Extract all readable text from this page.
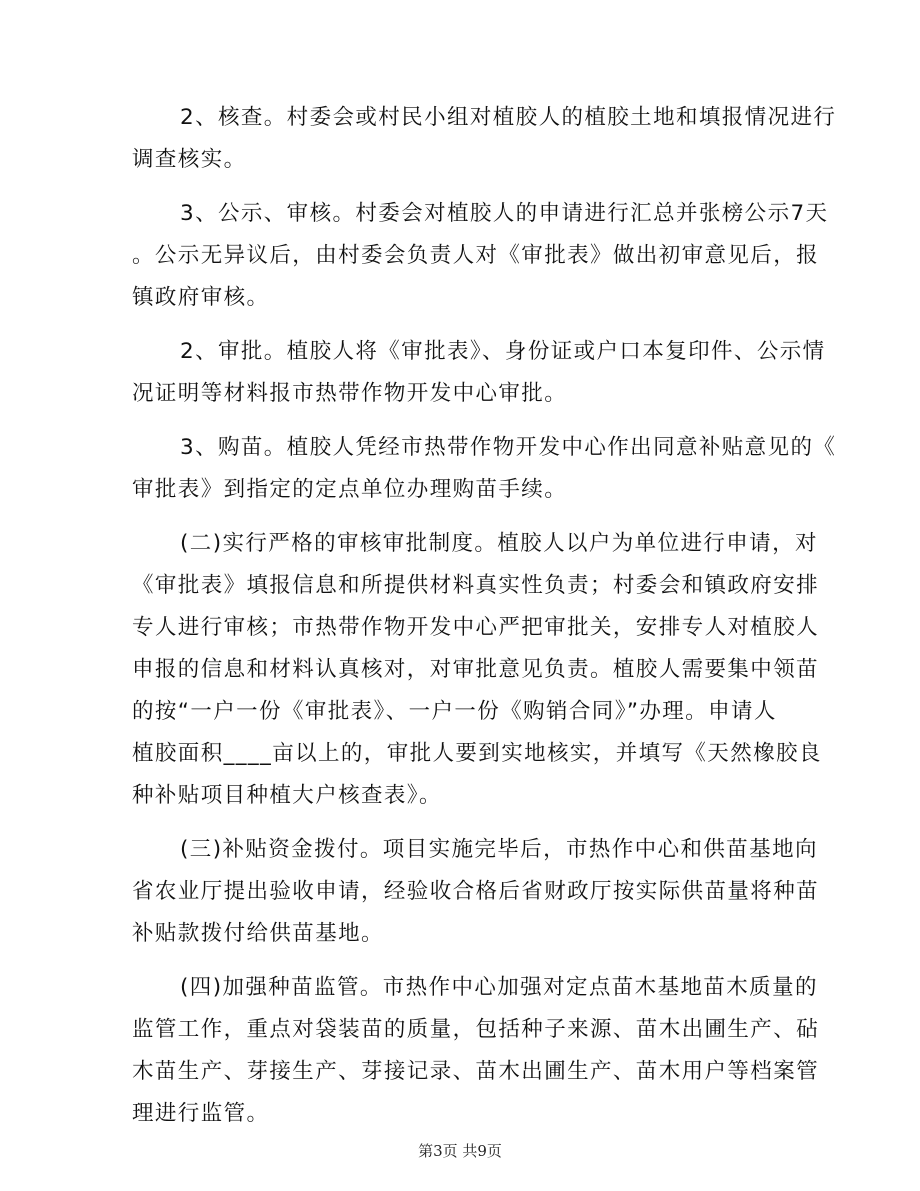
2、核查。村委会或村民小组对植胶人的植胶土地和填报情况进行
调查核实。

3、公示、审核。村委会对植胶人的申请进行汇总并张榜公示7天
。公示无异议后，由村委会负责人对《审批表》做出初审意见后，报
镇政府审核。

2、审批。植胶人将《审批表》、身份证或户口本复印件、公示情
况证明等材料报市热带作物开发中心审批。

3、购苗。植胶人凭经市热带作物开发中心作出同意补贴意见的《
审批表》到指定的定点单位办理购苗手续。

(二)实行严格的审核审批制度。植胶人以户为单位进行申请，对
《审批表》填报信息和所提供材料真实性负责；村委会和镇政府安排
专人进行审核；市热带作物开发中心严把审批关，安排专人对植胶人
申报的信息和材料认真核对，对审批意见负责。植胶人需要集中领苗
的按“一户一份《审批表》、一户一份《购销合同》”办理。申请人
植胶面积____亩以上的，审批人要到实地核实，并填写《天然橡胶良
种补贴项目种植大户核查表》。

(三)补贴资金拨付。项目实施完毕后，市热作中心和供苗基地向
省农业厅提出验收申请，经验收合格后省财政厅按实际供苗量将种苗
补贴款拨付给供苗基地。

(四)加强种苗监管。市热作中心加强对定点苗木基地苗木质量的
监管工作，重点对袋装苗的质量，包括种子来源、苗木出圃生产、砧
木苗生产、芽接生产、芽接记录、苗木出圃生产、苗木用户等档案管
理进行监管。

第3页 共9页
